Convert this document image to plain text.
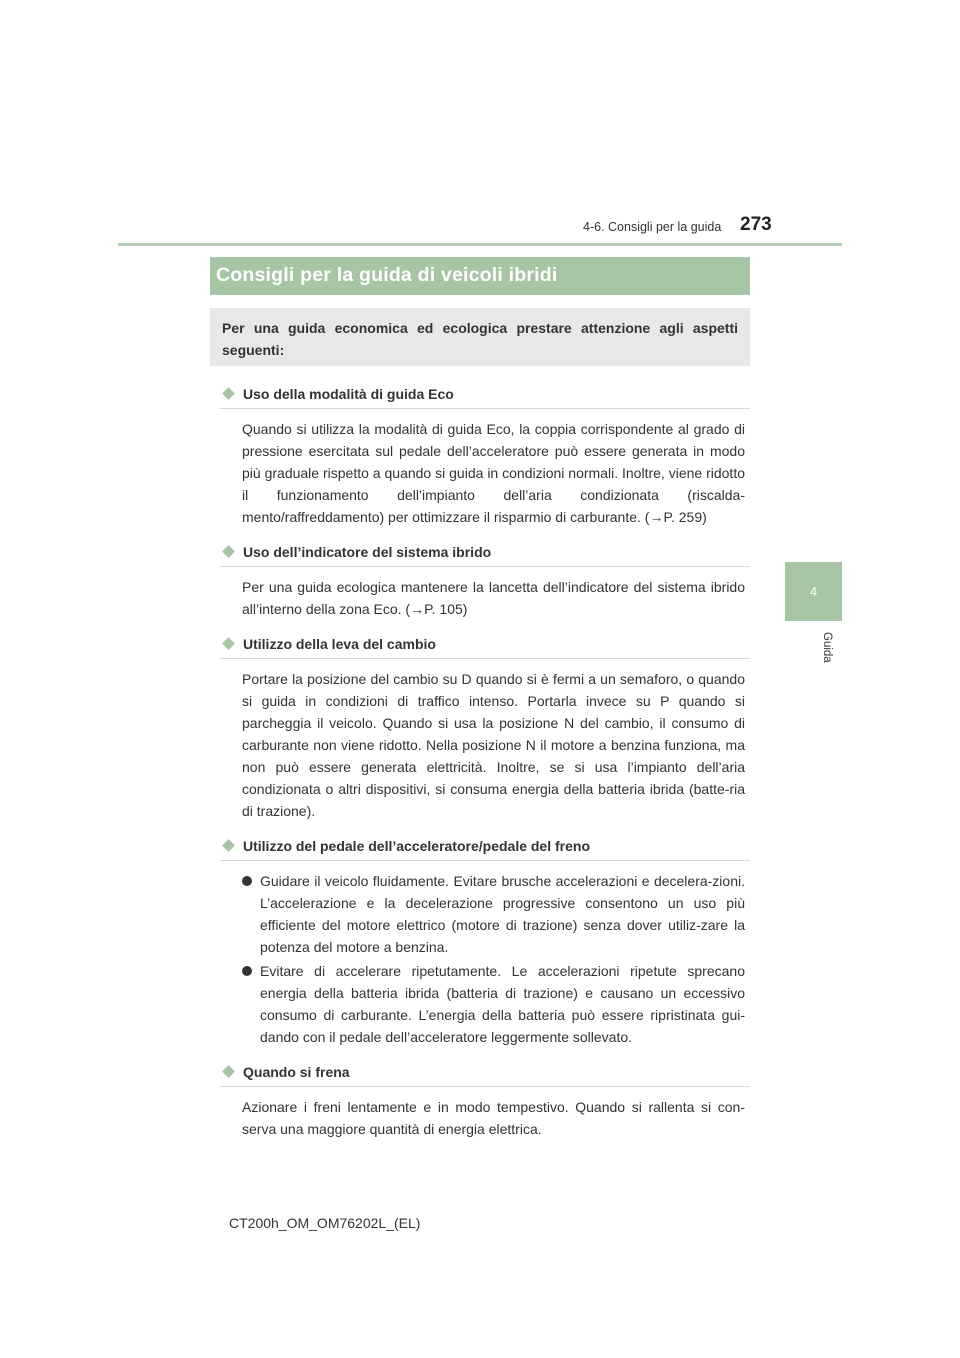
4-6. Consigli per la guida 273
4
Guida
Consigli per la guida di veicoli ibridi
Per una guida economica ed ecologica prestare attenzione agli aspetti seguenti:
Uso della modalità di guida Eco

Quando si utilizza la modalità di guida Eco, la coppia corrispondente al grado di pressione esercitata sul pedale dell’acceleratore può essere generata in modo più graduale rispetto a quando si guida in condizioni normali. Inoltre, viene ridotto il funzionamento dell’impianto dell’aria condizionata (riscalda-mento/raffreddamento) per ottimizzare il risparmio di carburante. (→P. 259)

Uso dell’indicatore del sistema ibrido

Per una guida ecologica mantenere la lancetta dell’indicatore del sistema ibrido all’interno della zona Eco. (→P. 105)

Utilizzo della leva del cambio

Portare la posizione del cambio su D quando si è fermi a un semaforo, o quando si guida in condizioni di traffico intenso. Portarla invece su P quando si parcheggia il veicolo. Quando si usa la posizione N del cambio, il consumo di carburante non viene ridotto. Nella posizione N il motore a benzina funziona, ma non può essere generata elettricità. Inoltre, se si usa l’impianto dell’aria condizionata o altri dispositivi, si consuma energia della batteria ibrida (batte-ria di trazione).

Utilizzo del pedale dell’acceleratore/pedale del freno
Guidare il veicolo fluidamente. Evitare brusche accelerazioni e decelera-zioni. L’accelerazione e la decelerazione progressive consentono un uso più efficiente del motore elettrico (motore di trazione) senza dover utiliz-zare la potenza del motore a benzina.
Evitare di accelerare ripetutamente. Le accelerazioni ripetute sprecano energia della batteria ibrida (batteria di trazione) e causano un eccessivo consumo di carburante. L’energia della batteria può essere ripristinata gui-dando con il pedale dell’acceleratore leggermente sollevato.
Quando si frena

Azionare i freni lentamente e in modo tempestivo. Quando si rallenta si con-serva una maggiore quantità di energia elettrica.

CT200h_OM_OM76202L_(EL)
